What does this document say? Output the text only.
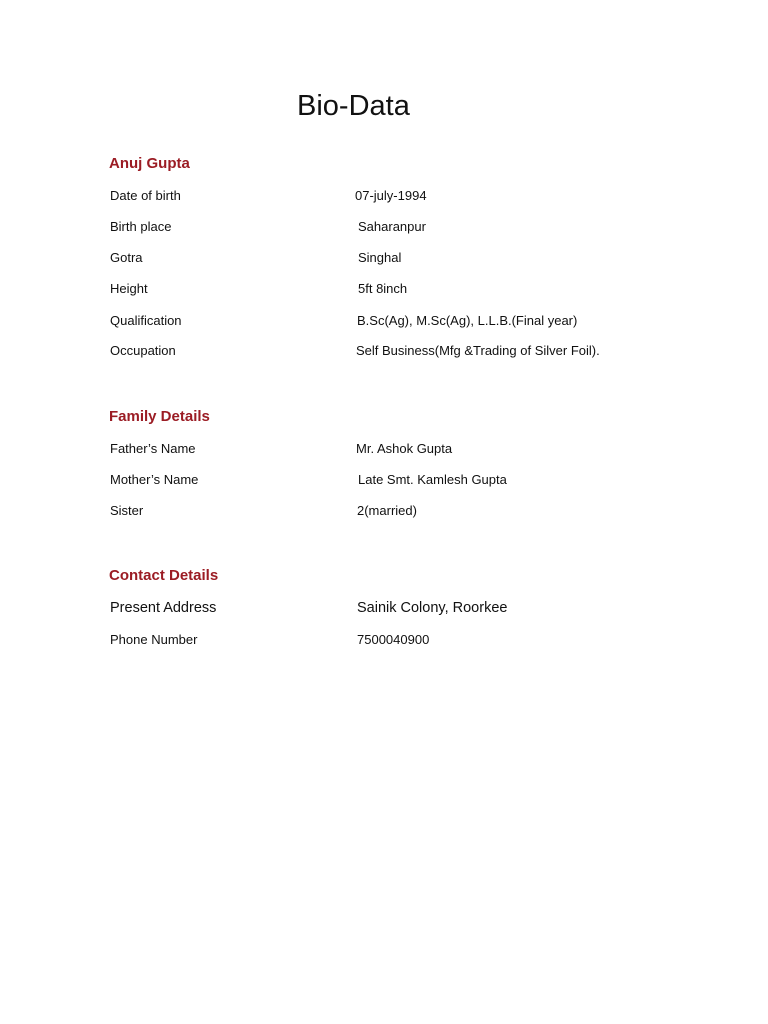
Bio-Data
Anuj Gupta
Date of birth	07-july-1994
Birth place	Saharanpur
Gotra	Singhal
Height	5ft 8inch
Qualification	B.Sc(Ag), M.Sc(Ag), L.L.B.(Final year)
Occupation	Self Business(Mfg &Trading of Silver Foil).
Family Details
Father’s Name	Mr. Ashok Gupta
Mother’s Name	Late Smt. Kamlesh Gupta
Sister	2(married)
Contact Details
Present Address	Sainik Colony, Roorkee
Phone Number	7500040900
